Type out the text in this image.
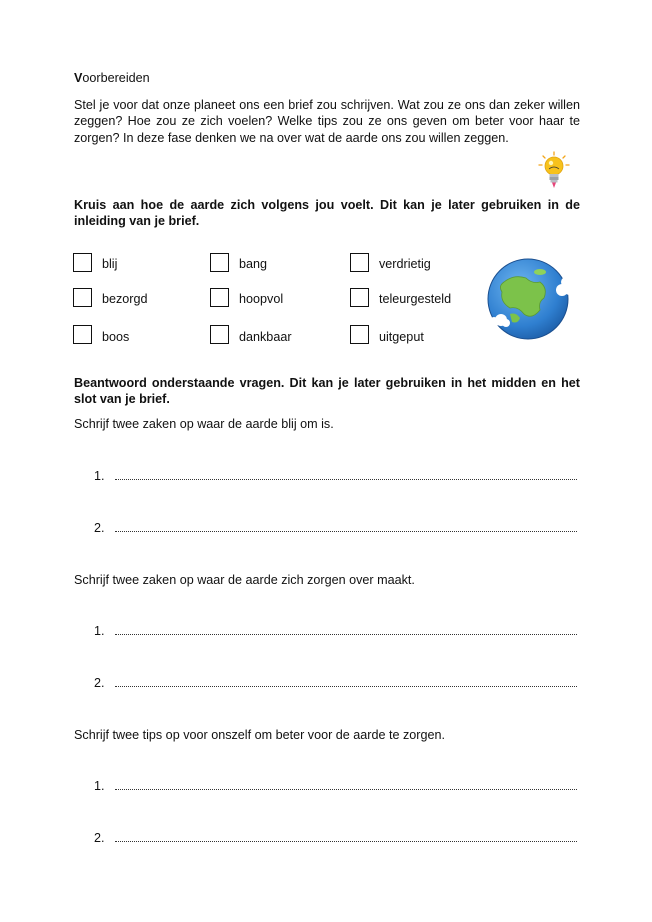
Voorbereiden
Stel je voor dat onze planeet ons een brief zou schrijven. Wat zou ze ons dan zeker willen zeggen? Hoe zou ze zich voelen? Welke tips zou ze ons geven om beter voor haar te zorgen? In deze fase denken we na over wat de aarde ons zou willen zeggen.
Kruis aan hoe de aarde zich volgens jou voelt. Dit kan je later gebruiken in de inleiding van je brief.
blij	bang	verdrietig
bezorgd	hoopvol	teleurgesteld
boos	dankbaar	uitgeput
Beantwoord onderstaande vragen. Dit kan je later gebruiken in het midden en het slot van je brief.
Schrijf twee zaken op waar de aarde blij om is.
1.
2.
Schrijf twee zaken op waar de aarde zich zorgen over maakt.
1.
2.
Schrijf twee tips op voor onszelf om beter voor de aarde te zorgen.
1.
2.
